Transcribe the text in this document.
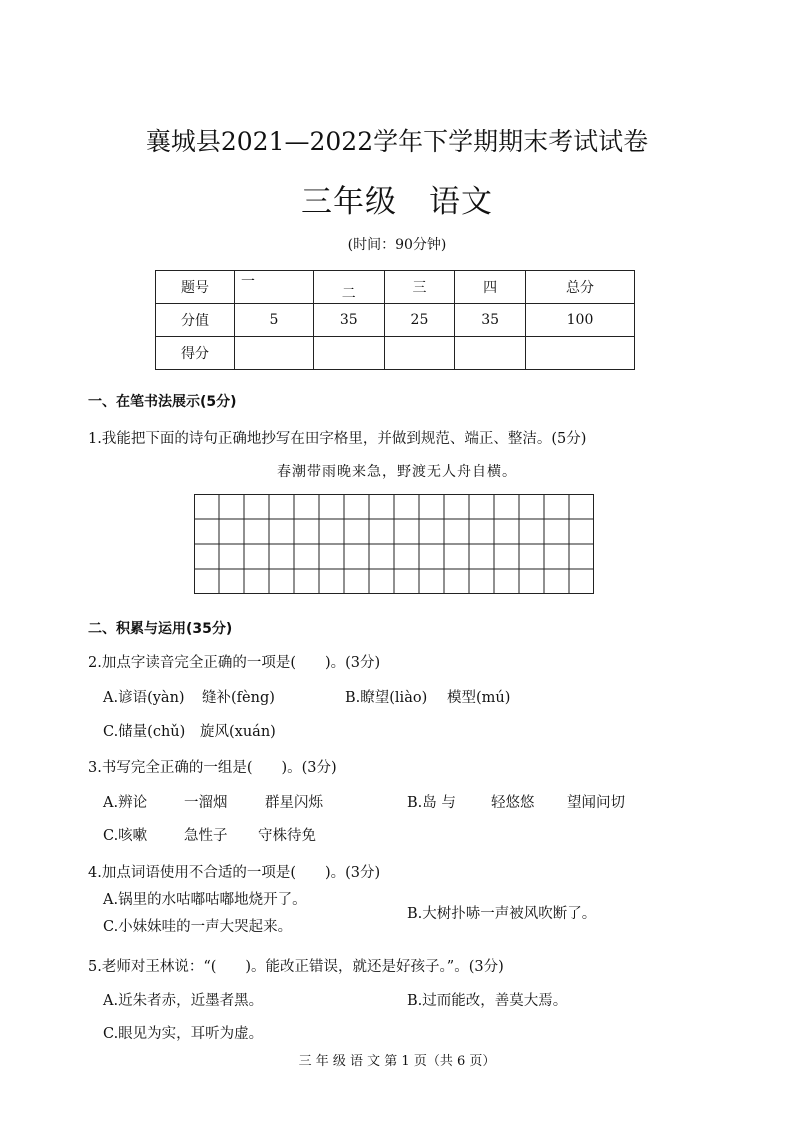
襄城县2021—2022学年下学期期末考试试卷
三年级　语文
(时间：90分钟)
题号	一	二	三	四	总分
分值	5	35	25	35	100
得分					
一、在笔书法展示(5分)
1.我能把下面的诗句正确地抄写在田字格里，并做到规范、端正、整洁。(5分)
春潮带雨晚来急，野渡无人舟自横。
二、积累与运用(35分)
2.加点字读音完全正确的一项是(　　)。(3分)
A.谚语(yàn) 缝补(fèng)	B.瞭望(liào) 模型(mú)
C.储量(chǔ) 旋风(xuán)
3.书写完全正确的一组是(　　)。(3分)
A.辨论	一溜烟	群星闪烁	B.岛 与 轻悠悠 望闻问切
C.咳嗽	急性子 守株待免
4.加点词语使用不合适的一项是(　　)。(3分)
A.锅里的水咕嘟咕嘟地烧开了。
C.小妹妹哇的一声大哭起来。
B.大树扑哧一声被风吹断了。
5.老师对王林说：“(　　)。能改正错误，就还是好孩子。”。(3分)
A.近朱者赤，近墨者黑。	B.过而能改，善莫大焉。
C.眼见为实，耳听为虚。
三 年 级 语 文 第 1 页（共 6 页）
